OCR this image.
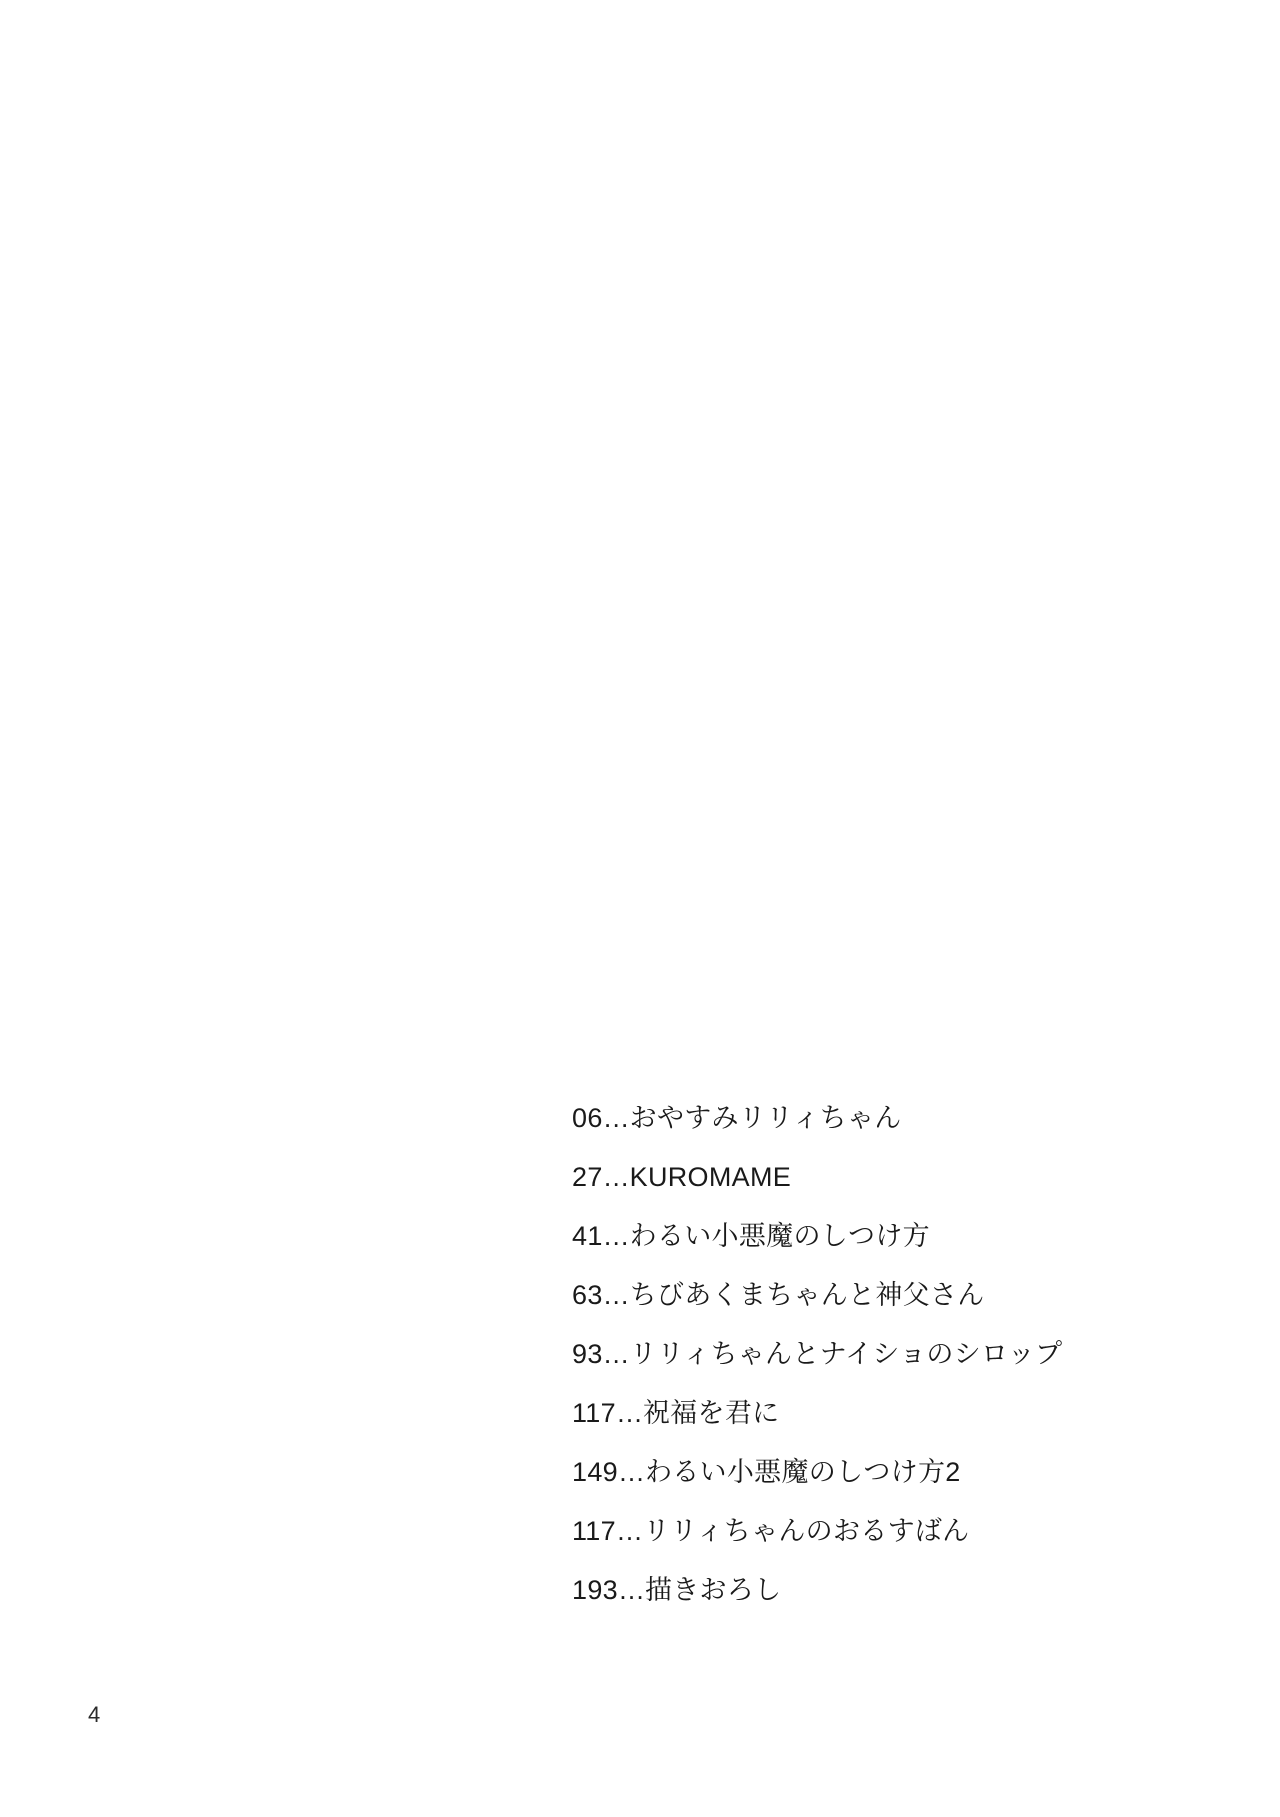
06…おやすみリリィちゃん
27…KUROMAME
41…わるい小悪魔のしつけ方
63…ちびあくまちゃんと神父さん
93…リリィちゃんとナイショのシロップ
117…祝福を君に
149…わるい小悪魔のしつけ方2
117…リリィちゃんのおるすばん
193…描きおろし
4
